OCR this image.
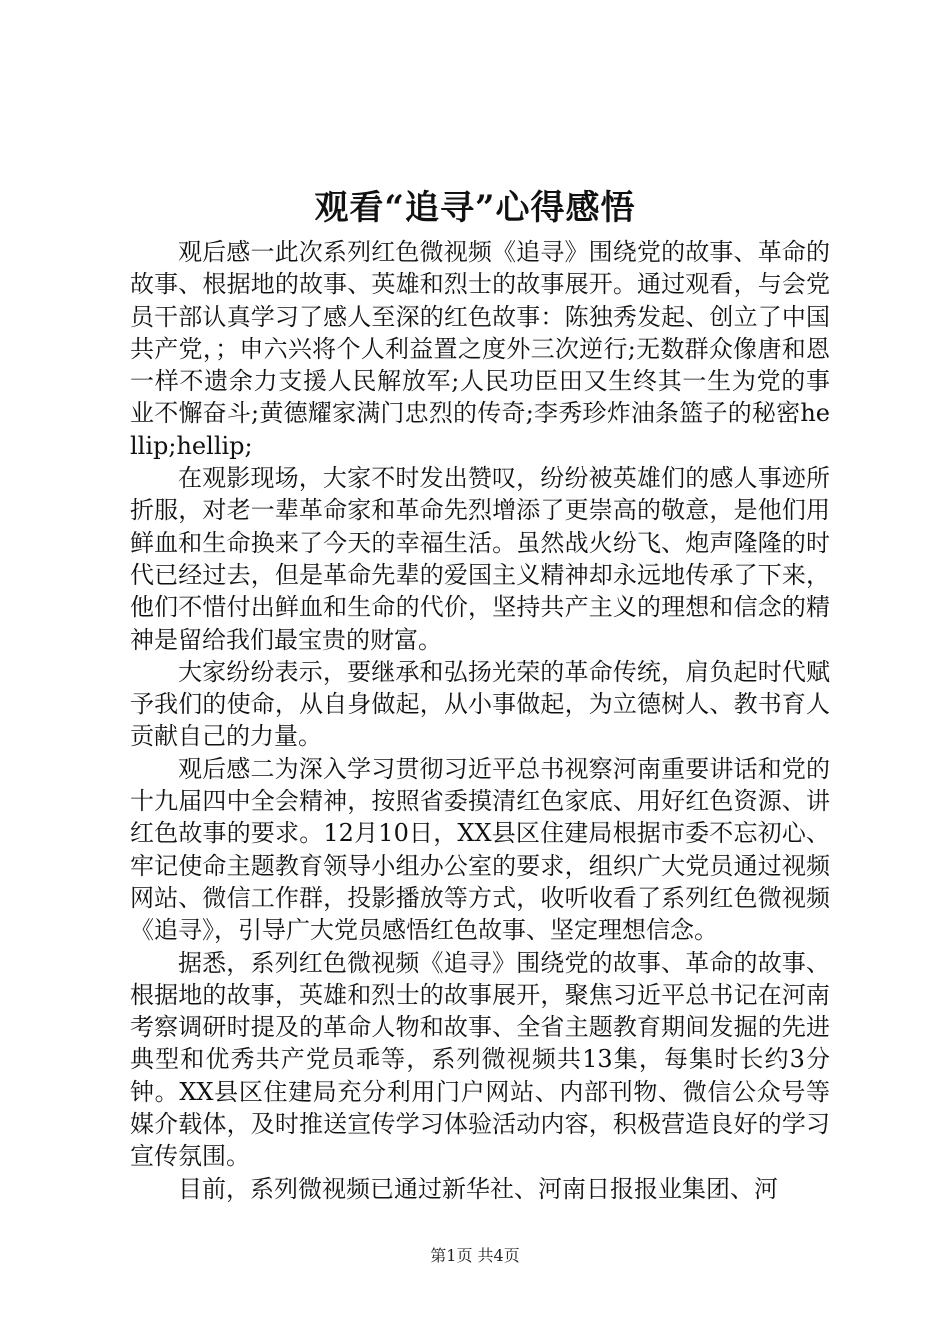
观看“追寻”心得感悟

观后感一此次系列红色微视频《追寻》围绕党的故事、革命的故事、根据地的故事、英雄和烈士的故事展开。通过观看，与会党员干部认真学习了感人至深的红色故事：陈独秀发起、创立了中国共产党，；申六兴将个人利益置之度外三次逆行;无数群众像唐和恩一样不遗余力支援人民解放军;人民功臣田又生终其一生为党的事业不懈奋斗;黄德耀家满门忠烈的传奇;李秀珍炸油条篮子的秘密hellip;hellip;

在观影现场，大家不时发出赞叹，纷纷被英雄们的感人事迹所折服，对老一辈革命家和革命先烈增添了更崇高的敬意，是他们用鲜血和生命换来了今天的幸福生活。虽然战火纷飞、炮声隆隆的时代已经过去，但是革命先辈的爱国主义精神却永远地传承了下来，他们不惜付出鲜血和生命的代价，坚持共产主义的理想和信念的精神是留给我们最宝贵的财富。

大家纷纷表示，要继承和弘扬光荣的革命传统，肩负起时代赋予我们的使命，从自身做起，从小事做起，为立德树人、教书育人贡献自己的力量。

观后感二为深入学习贯彻习近平总书视察河南重要讲话和党的十九届四中全会精神，按照省委摸清红色家底、用好红色资源、讲红色故事的要求。12月10日，XX县区住建局根据市委不忘初心、牢记使命主题教育领导小组办公室的要求，组织广大党员通过视频网站、微信工作群，投影播放等方式，收听收看了系列红色微视频《追寻》，引导广大党员感悟红色故事、坚定理想信念。

据悉，系列红色微视频《追寻》围绕党的故事、革命的故事、根据地的故事，英雄和烈士的故事展开，聚焦习近平总书记在河南考察调研时提及的革命人物和故事、全省主题教育期间发掘的先进典型和优秀共产党员乖等，系列微视频共13集，每集时长约3分钟。XX县区住建局充分利用门户网站、内部刊物、微信公众号等媒介载体，及时推送宣传学习体验活动内容，积极营造良好的学习宣传氛围。

目前，系列微视频已通过新华社、河南日报报业集团、河

第1页 共4页
